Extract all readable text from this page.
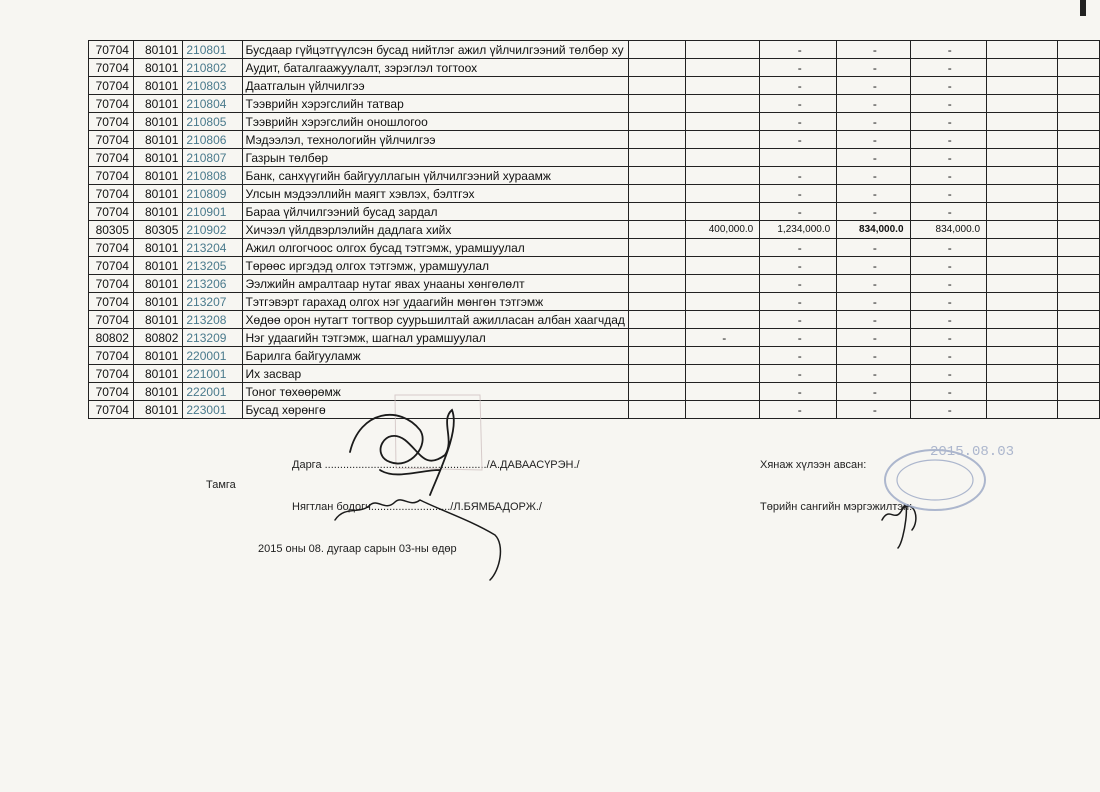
70704	80101	210801	Бусдаар гүйцэтгүүлсэн бусад нийтлэг ажил үйлчилгээний төлбөр ху			-	-	-		
70704	80101	210802	Аудит, баталгаажуулалт, зэрэглэл тогтоох			-	-	-		
70704	80101	210803	Даатгалын үйлчилгээ			-	-	-		
70704	80101	210804	Тээврийн хэрэгслийн татвар			-	-	-		
70704	80101	210805	Тээврийн хэрэгслийн оношлогоо			-	-	-		
70704	80101	210806	Мэдээлэл, технологийн үйлчилгээ			-	-	-		
70704	80101	210807	Газрын төлбөр				-	-		
70704	80101	210808	Банк, санхүүгийн байгууллагын үйлчилгээний хураамж			-	-	-		
70704	80101	210809	Улсын мэдээллийн маягт хэвлэх, бэлтгэх			-	-	-		
70704	80101	210901	Бараа үйлчилгээний бусад зардал			-	-	-		
80305	80305	210902	Хичээл үйлдвэрлэлийн дадлага хийх		400,000.0	1,234,000.0	834,000.0	834,000.0		
70704	80101	213204	Ажил олгогчоос олгох бусад тэтгэмж, урамшуулал			-	-	-		
70704	80101	213205	Төрөөс иргэдэд олгох тэтгэмж, урамшуулал			-	-	-		
70704	80101	213206	Ээлжийн амралтаар нутаг явах унааны хөнгөлөлт			-	-	-		
70704	80101	213207	Тэтгэвэрт гарахад олгох нэг удаагийн мөнгөн тэтгэмж			-	-	-		
70704	80101	213208	Хөдөө орон нутагт тогтвор суурьшилтай ажилласан албан хаагчдад			-	-	-		
80802	80802	213209	Нэг удаагийн тэтгэмж, шагнал урамшуулал		-	-	-	-		
70704	80101	220001	Барилга байгууламж			-	-	-		
70704	80101	221001	Их засвар			-	-	-		
70704	80101	222001	Тоног төхөөрөмж			-	-	-		
70704	80101	223001	Бусад хөрөнгө			-	-	-		
Дарга ...................................................../А.ДАВААСҮРЭН./
Тамга
Нягтлан бодогч........................../Л.БЯМБАДОРЖ./
2015 оны 08. дугаар сарын 03-ны өдөр
Хянаж хүлээн авсан:
Төрийн сангийн мэргэжилтэн:
2015.08.03
